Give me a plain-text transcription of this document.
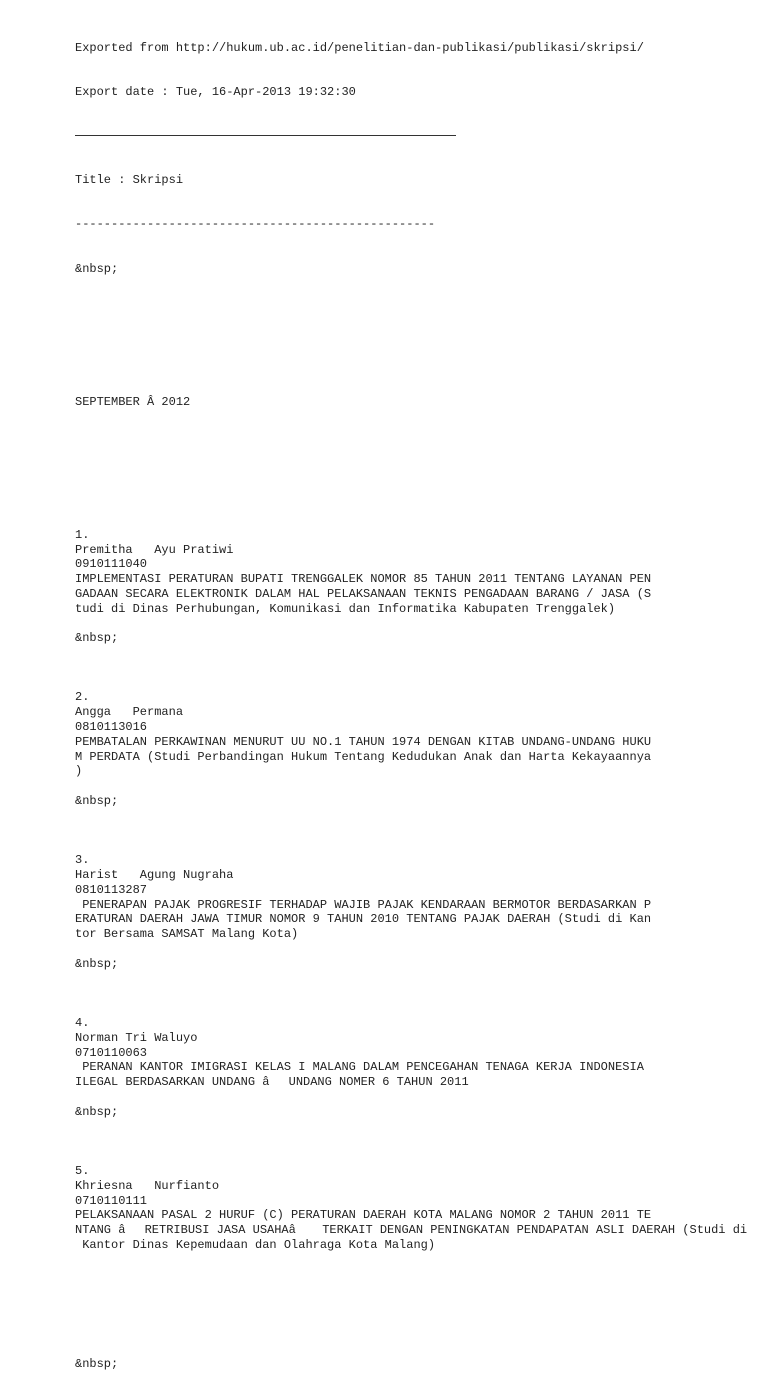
Exported from http://hukum.ub.ac.id/penelitian-dan-publikasi/publikasi/skripsi/

Export date : Tue, 16-Apr-2013 19:32:30

Title : Skripsi

--------------------------------------------------

&nbsp;

SEPTEMBER Â 2012

1.
Premitha   Ayu Pratiwi
0910111040
IMPLEMENTASI PERATURAN BUPATI TRENGGALEK NOMOR 85 TAHUN 2011 TENTANG LAYANAN PEN
GADAAN SECARA ELEKTRONIK DALAM HAL PELAKSANAAN TEKNIS PENGADAAN BARANG / JASA (S
tudi di Dinas Perhubungan, Komunikasi dan Informatika Kabupaten Trenggalek)
&nbsp;
2.
Angga   Permana
0810113016
PEMBATALAN PERKAWINAN MENURUT UU NO.1 TAHUN 1974 DENGAN KITAB UNDANG-UNDANG HUKU
M PERDATA (Studi Perbandingan Hukum Tentang Kedudukan Anak dan Harta Kekayaannya
)
&nbsp;
3.
Harist   Agung Nugraha
0810113287
PENERAPAN PAJAK PROGRESIF TERHADAP WAJIB PAJAK KENDARAAN BERMOTOR BERDASARKAN P
ERATURAN DAERAH JAWA TIMUR NOMOR 9 TAHUN 2010 TENTANG PAJAK DAERAH (Studi di Kan
tor Bersama SAMSAT Malang Kota)
&nbsp;
4.
Norman Tri Waluyo
0710110063
PERANAN KANTOR IMIGRASI KELAS I MALANG DALAM PENCEGAHAN TENAGA KERJA INDONESIA
ILEGAL BERDASARKAN UNDANG âUNDANG NOMER 6 TAHUN 2011
&nbsp;
5.
Khriesna   Nurfianto
0710110111
PELAKSANAAN PASAL 2 HURUF (C) PERATURAN DAERAH KOTA MALANG NOMOR 2 TAHUN 2011 TE
NTANG âRETRIBUSI JASA USAHAâ TERKAIT DENGAN PENINGKATAN PENDAPATAN ASLI DAERAH (Studi di
Kantor Dinas Kepemudaan dan Olahraga Kota Malang)
&nbsp;
